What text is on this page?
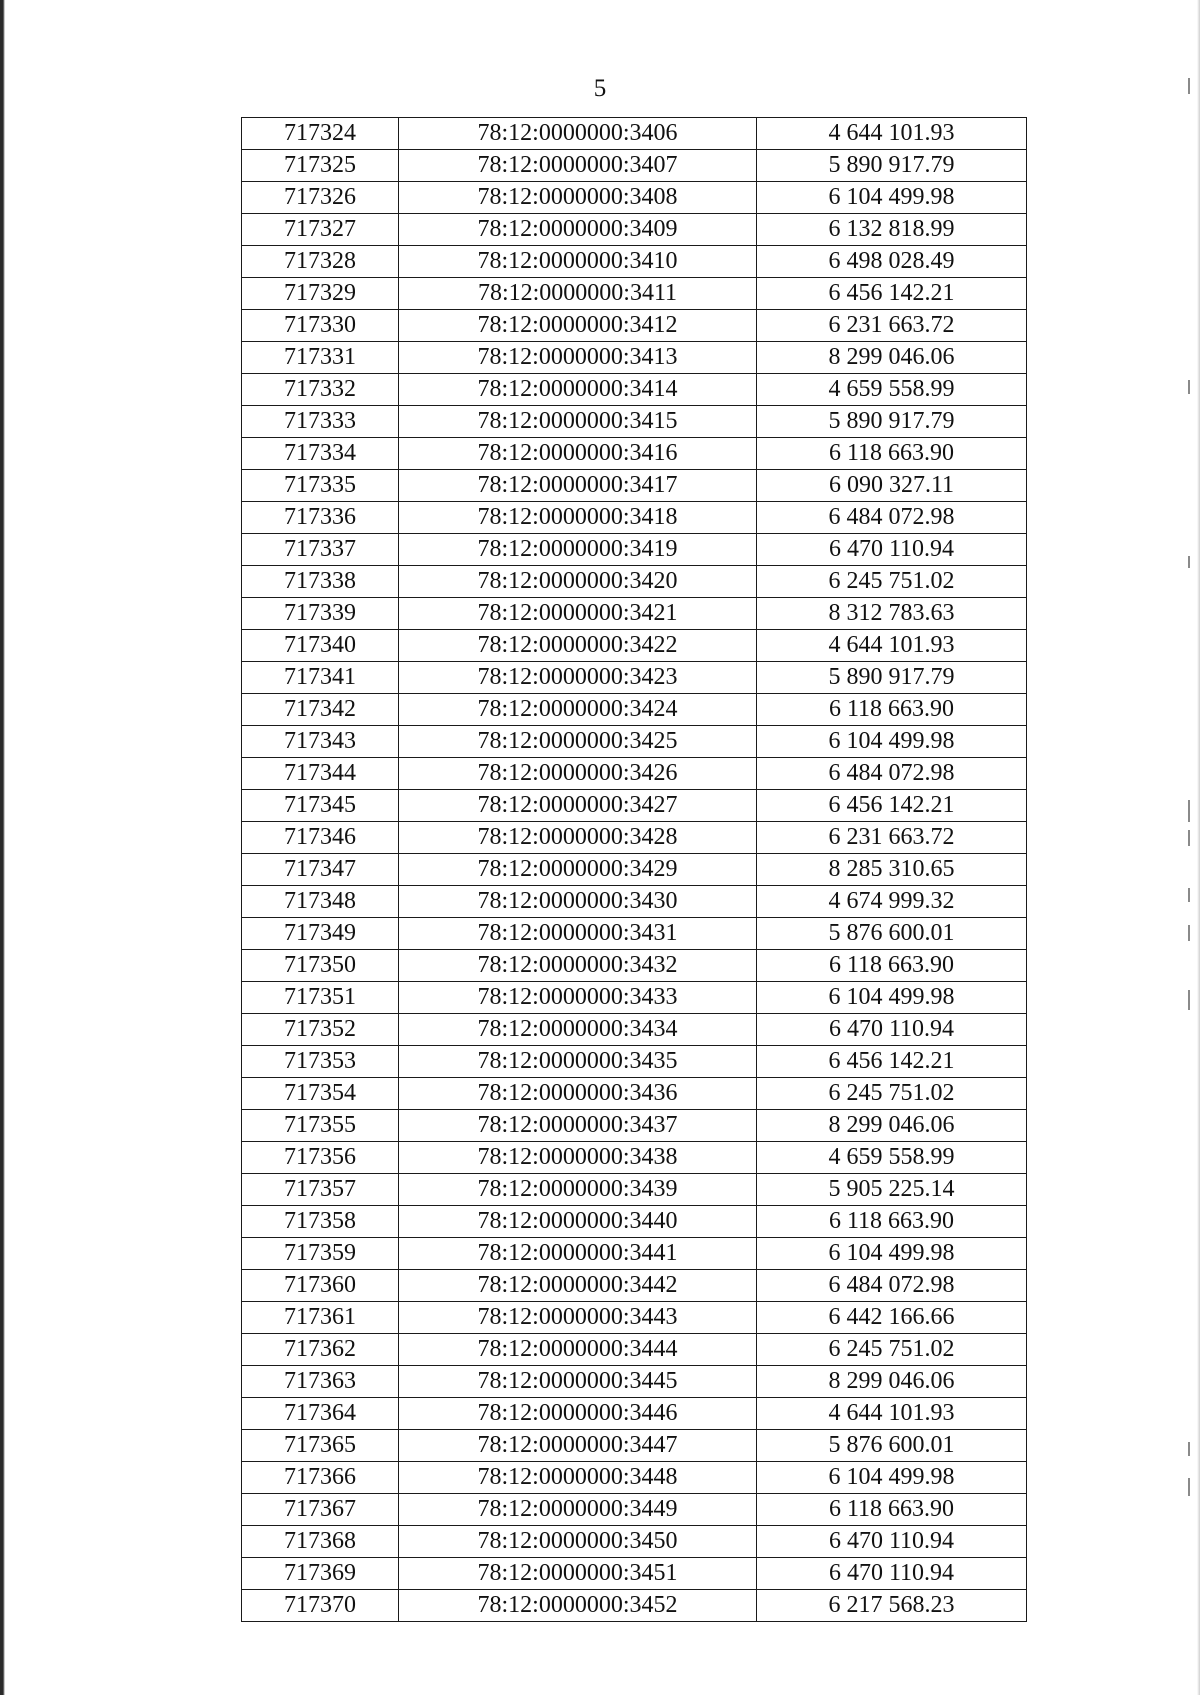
5
717324	78:12:0000000:3406	4 644 101.93
717325	78:12:0000000:3407	5 890 917.79
717326	78:12:0000000:3408	6 104 499.98
717327	78:12:0000000:3409	6 132 818.99
717328	78:12:0000000:3410	6 498 028.49
717329	78:12:0000000:3411	6 456 142.21
717330	78:12:0000000:3412	6 231 663.72
717331	78:12:0000000:3413	8 299 046.06
717332	78:12:0000000:3414	4 659 558.99
717333	78:12:0000000:3415	5 890 917.79
717334	78:12:0000000:3416	6 118 663.90
717335	78:12:0000000:3417	6 090 327.11
717336	78:12:0000000:3418	6 484 072.98
717337	78:12:0000000:3419	6 470 110.94
717338	78:12:0000000:3420	6 245 751.02
717339	78:12:0000000:3421	8 312 783.63
717340	78:12:0000000:3422	4 644 101.93
717341	78:12:0000000:3423	5 890 917.79
717342	78:12:0000000:3424	6 118 663.90
717343	78:12:0000000:3425	6 104 499.98
717344	78:12:0000000:3426	6 484 072.98
717345	78:12:0000000:3427	6 456 142.21
717346	78:12:0000000:3428	6 231 663.72
717347	78:12:0000000:3429	8 285 310.65
717348	78:12:0000000:3430	4 674 999.32
717349	78:12:0000000:3431	5 876 600.01
717350	78:12:0000000:3432	6 118 663.90
717351	78:12:0000000:3433	6 104 499.98
717352	78:12:0000000:3434	6 470 110.94
717353	78:12:0000000:3435	6 456 142.21
717354	78:12:0000000:3436	6 245 751.02
717355	78:12:0000000:3437	8 299 046.06
717356	78:12:0000000:3438	4 659 558.99
717357	78:12:0000000:3439	5 905 225.14
717358	78:12:0000000:3440	6 118 663.90
717359	78:12:0000000:3441	6 104 499.98
717360	78:12:0000000:3442	6 484 072.98
717361	78:12:0000000:3443	6 442 166.66
717362	78:12:0000000:3444	6 245 751.02
717363	78:12:0000000:3445	8 299 046.06
717364	78:12:0000000:3446	4 644 101.93
717365	78:12:0000000:3447	5 876 600.01
717366	78:12:0000000:3448	6 104 499.98
717367	78:12:0000000:3449	6 118 663.90
717368	78:12:0000000:3450	6 470 110.94
717369	78:12:0000000:3451	6 470 110.94
717370	78:12:0000000:3452	6 217 568.23
